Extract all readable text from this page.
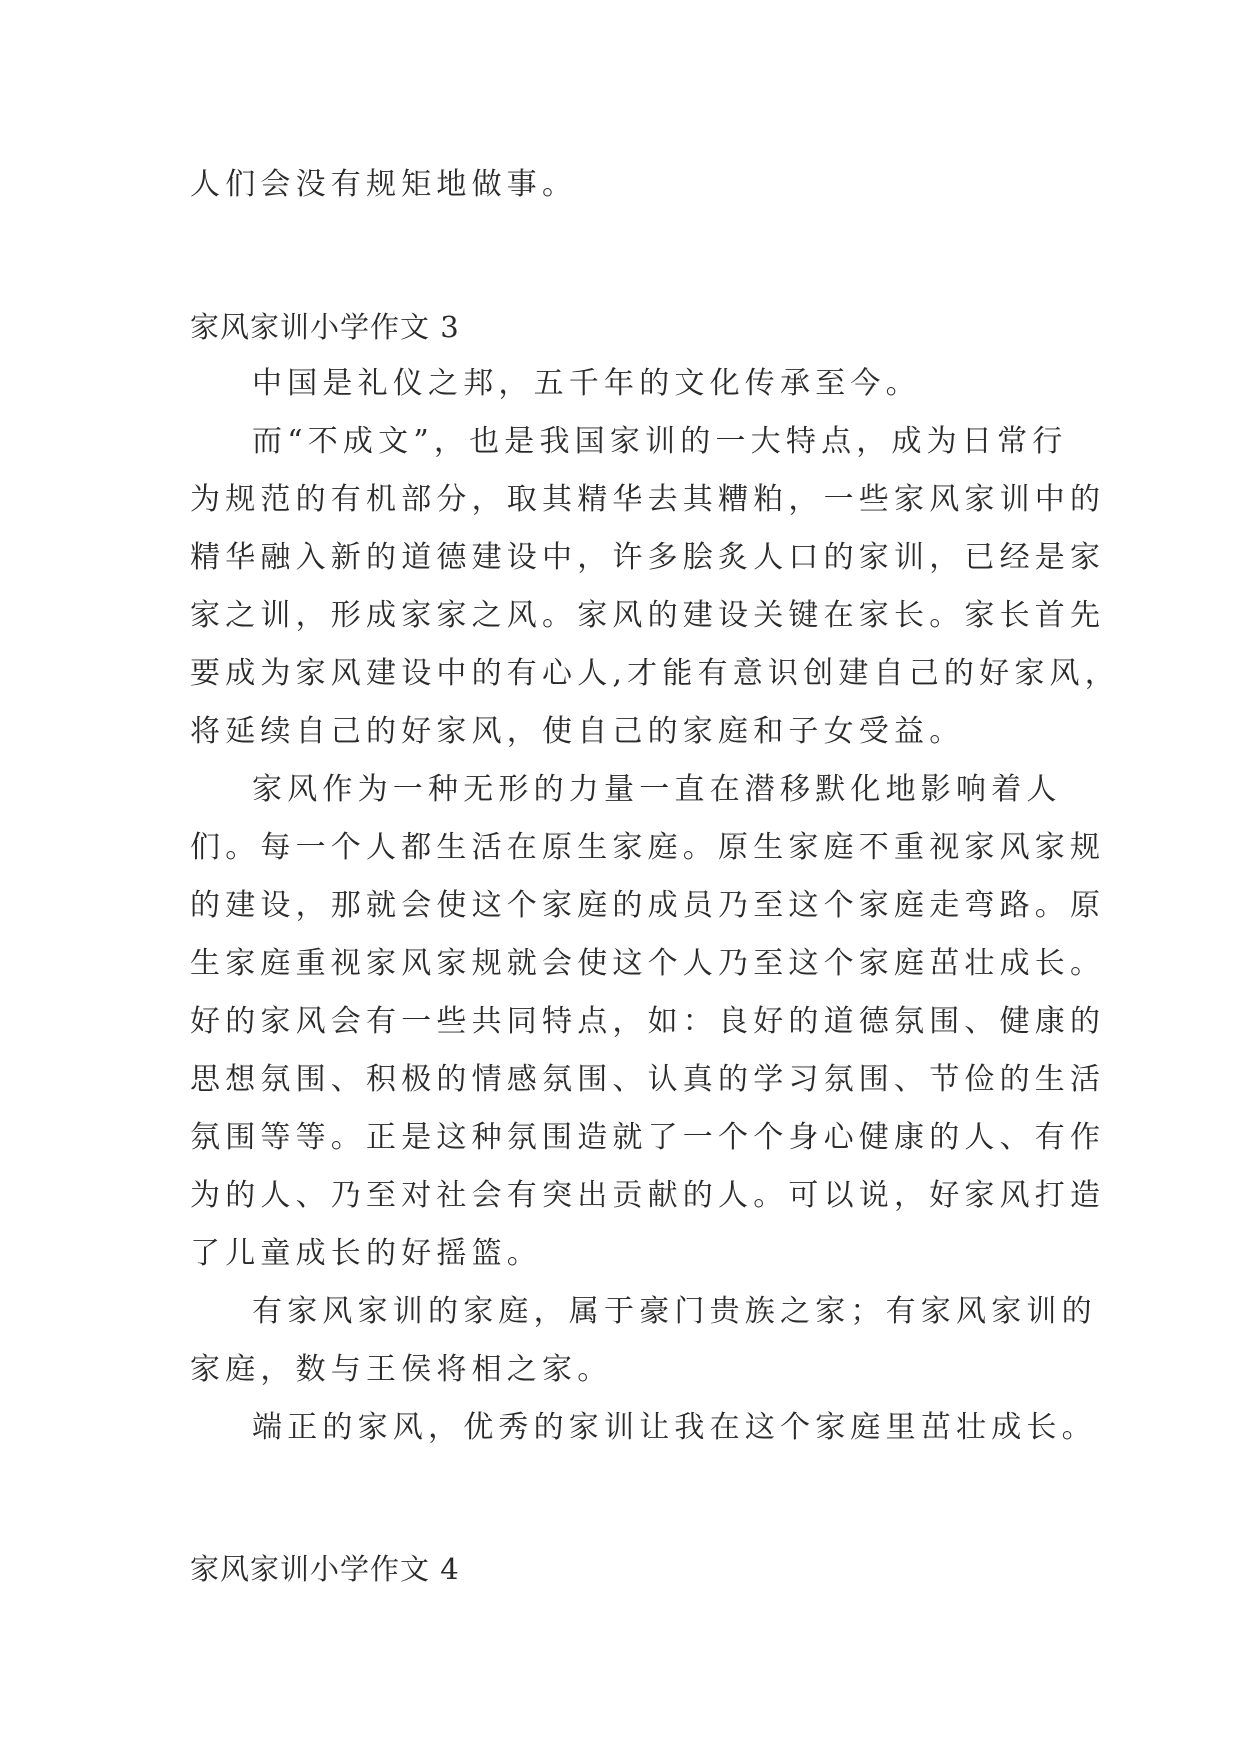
人们会没有规矩地做事。
家风家训小学作文 3
中国是礼仪之邦，五千年的文化传承至今。
而“不成文”，也是我国家训的一大特点，成为日常行
为规范的有机部分，取其精华去其糟粕，一些家风家训中的
精华融入新的道德建设中，许多脍炙人口的家训，已经是家
家之训，形成家家之风。家风的建设关键在家长。家长首先
要成为家风建设中的有心人,才能有意识创建自己的好家风，
将延续自己的好家风，使自己的家庭和子女受益。
家风作为一种无形的力量一直在潜移默化地影响着人
们。每一个人都生活在原生家庭。原生家庭不重视家风家规
的建设，那就会使这个家庭的成员乃至这个家庭走弯路。原
生家庭重视家风家规就会使这个人乃至这个家庭茁壮成长。
好的家风会有一些共同特点，如：良好的道德氛围、健康的
思想氛围、积极的情感氛围、认真的学习氛围、节俭的生活
氛围等等。正是这种氛围造就了一个个身心健康的人、有作
为的人、乃至对社会有突出贡献的人。可以说，好家风打造
了儿童成长的好摇篮。
有家风家训的家庭，属于豪门贵族之家；有家风家训的
家庭，数与王侯将相之家。
端正的家风，优秀的家训让我在这个家庭里茁壮成长。
家风家训小学作文 4
